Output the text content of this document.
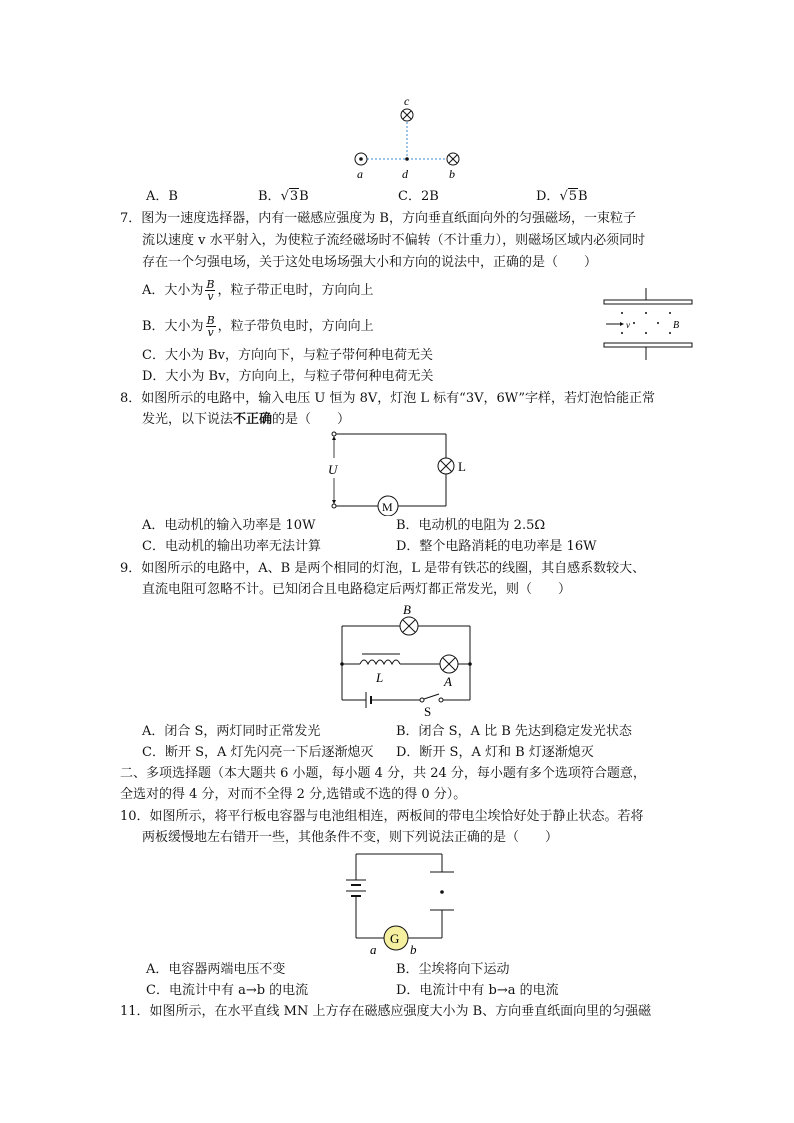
c
a	d	b
A．B	B．√3B	C．2B	D．√5B
7．图为一速度选择器，内有一磁感应强度为 B，方向垂直纸面向外的匀强磁场，一束粒子
流以速度 v 水平射入，为使粒子流经磁场时不偏转（不计重力），则磁场区域内必须同时
存在一个匀强电场，关于这处电场场强大小和方向的说法中，正确的是（　　）
A．大小为 $\frac{B}{v}$ ，粒子带正电时，方向向上
B．大小为 $\frac{B}{v}$ ，粒子带负电时，方向向上
C．大小为 Bv，方向向下，与粒子带何种电荷无关
D．大小为 Bv，方向向上，与粒子带何种电荷无关
v	B
8．如图所示的电路中，输入电压 U 恒为 8V，灯泡 L 标有“3V，6W”字样，若灯泡恰能正常
发光，以下说法不正确的是（　　）
M
U	L
A．电动机的输入功率是 10W	B．电动机的电阻为 2.5Ω
C．电动机的输出功率无法计算	D．整个电路消耗的电功率是 16W
9．如图所示的电路中，A、B 是两个相同的灯泡，L 是带有铁芯的线圈，其自感系数较大、
直流电阻可忽略不计。已知闭合且电路稳定后两灯都正常发光，则（　　）
B
L	A
S
A．闭合 S，两灯同时正常发光	B．闭合 S，A 比 B 先达到稳定发光状态
C．断开 S，A 灯先闪亮一下后逐渐熄灭 D．断开 S，A 灯和 B 灯逐渐熄灭
二、多项选择题（本大题共 6 小题，每小题 4 分，共 24 分，每小题有多个选项符合题意，
全选对的得 4 分，对而不全得 2 分,选错或不选的得 0 分）。
10．如图所示，将平行板电容器与电池组相连，两板间的带电尘埃恰好处于静止状态。若将
两板缓慢地左右错开一些，其他条件不变，则下列说法正确的是（　　）
G
a	b
A．电容器两端电压不变	B．尘埃将向下运动
C．电流计中有 a→b 的电流	D．电流计中有 b→a 的电流
11．如图所示，在水平直线 MN 上方存在磁感应强度大小为 B、方向垂直纸面向里的匀强磁
